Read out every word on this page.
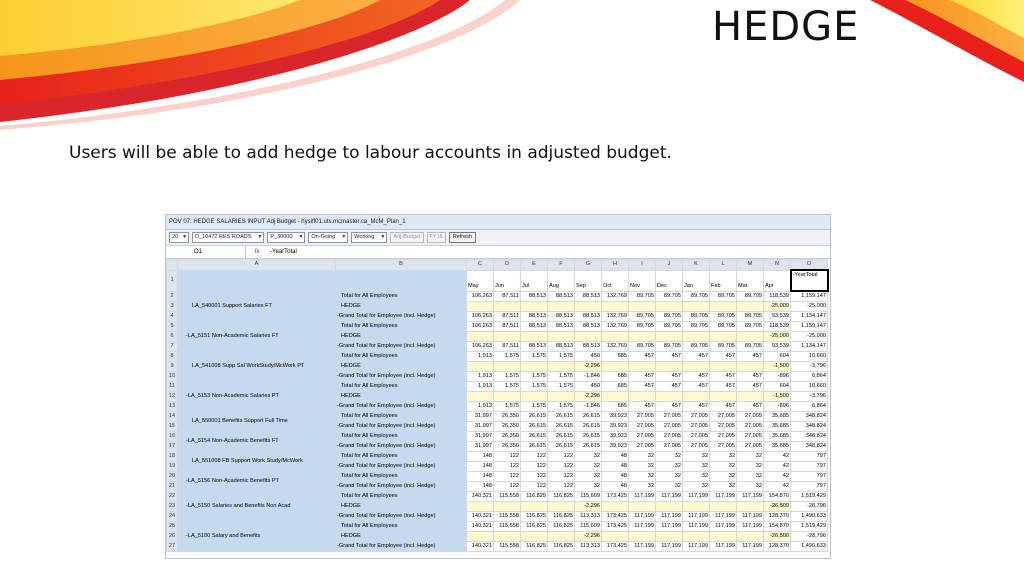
HEDGE
Users will be able to add hedge to labour accounts in adjusted budget.
POV 07. HEDGE SALARIES INPUT Adj Budget - hysiff01.uts.mcmaster.ca_McM_Plan_1
20 ▼	D_10472 RES ROADS ▼	P_30000 ▼	On-Going ▼	Working ▼	Adj-Budget	FY16	Refresh
O1	fx	-YearTotal
	A	B	C	D	E	F	G	H	I	J	K	L	M	N	O
1			May	Jun	Jul	Aug	Sep	Oct	Nov	Dec	Jan	Feb	Mar	Apr	-YearTotal
2	LA_540001 Support Salaries FT	Total for All Employees	106,263	87,511	88,513	88,513	88,513	132,769	89,705	89,705	89,705	89,705	89,705	118,539	1,159,147
3		HEDGE												-25,000	-25,000
4		-Grand Total for Employee (incl. Hedge)	106,263	87,511	88,513	88,513	88,513	132,769	89,705	89,705	89,705	89,705	89,705	93,539	1,134,147
5	-LA_5151 Non-Academic Salaries FT	Total for All Employees	106,263	87,511	88,513	88,513	88,513	132,769	89,705	89,705	89,705	89,705	89,705	118,539	1,159,147
6		HEDGE												-25,000	-25,000
7		-Grand Total for Employee (incl. Hedge)	106,263	87,511	88,513	88,513	88,513	132,769	89,705	89,705	89,705	89,705	89,705	93,539	1,134,147
8	LA_541008 Supp Sal WorkStudy/McWork PT	Total for All Employees	1,913	1,575	1,575	1,575	450	685	457	457	457	457	457	604	10,660
9		HEDGE					-2,296							-1,500	-3,796
10		-Grand Total for Employee (incl. Hedge)	1,913	1,575	1,575	1,575	-1,846	685	457	457	457	457	457	-896	6,864
11	-LA_5153 Non-Academic Salaries PT	Total for All Employees	1,913	1,575	1,575	1,575	450	685	457	457	457	457	457	604	10,660
12		HEDGE					-2,296							-1,500	-3,796
13		-Grand Total for Employee (incl. Hedge)	1,913	1,575	1,575	1,575	-1,846	685	457	457	457	457	457	-896	6,864
14	LA_550001 Benefits Support Full Time	Total for All Employees	31,997	26,350	26,615	26,615	26,615	39,923	27,005	27,005	27,005	27,005	27,005	35,685	348,824
15		-Grand Total for Employee (incl. Hedge)	31,997	26,350	26,615	26,615	26,615	39,923	27,005	27,005	27,005	27,005	27,005	35,685	348,824
16	-LA_5154 Non-Academic Benefits FT	Total for All Employees	31,997	26,350	26,615	26,615	26,615	39,923	27,005	27,005	27,005	27,005	27,005	35,685	348,824
17		-Grand Total for Employee (incl. Hedge)	31,997	26,350	26,615	26,615	26,615	39,923	27,005	27,005	27,005	27,005	27,005	35,685	348,824
18	LA_551008 FB Support Work Study/McWork	Total for All Employees	148	122	122	122	32	48	32	32	32	32	32	42	797
19		-Grand Total for Employee (incl. Hedge)	148	122	122	122	32	48	32	32	32	32	32	42	797
20	-LA_5156 Non-Academic Benefits PT	Total for All Employees	148	122	122	122	32	48	32	32	32	32	32	42	797
21		-Grand Total for Employee (incl. Hedge)	148	122	122	122	32	48	32	32	32	32	32	42	797
22	-LA_5150 Salaries and Benefits Non Acad	Total for All Employees	140,321	115,558	116,825	116,825	115,609	173,425	117,199	117,199	117,199	117,199	117,199	154,870	1,519,429
23		HEDGE					-2,296							-26,500	-28,796
24		-Grand Total for Employee (incl. Hedge)	140,321	115,558	116,825	116,825	113,313	173,425	117,199	117,199	117,199	117,199	117,199	128,370	1,490,633
25	-LA_5100 Salary and Benefits	Total for All Employees	140,321	115,558	116,825	116,825	115,609	173,425	117,199	117,199	117,199	117,199	117,199	154,870	1,519,429
26		HEDGE					-2,296							-26,500	-28,796
27		-Grand Total for Employee (incl. Hedge)	140,321	115,558	116,825	116,825	113,313	173,425	117,199	117,199	117,199	117,199	117,199	128,370	1,490,633
